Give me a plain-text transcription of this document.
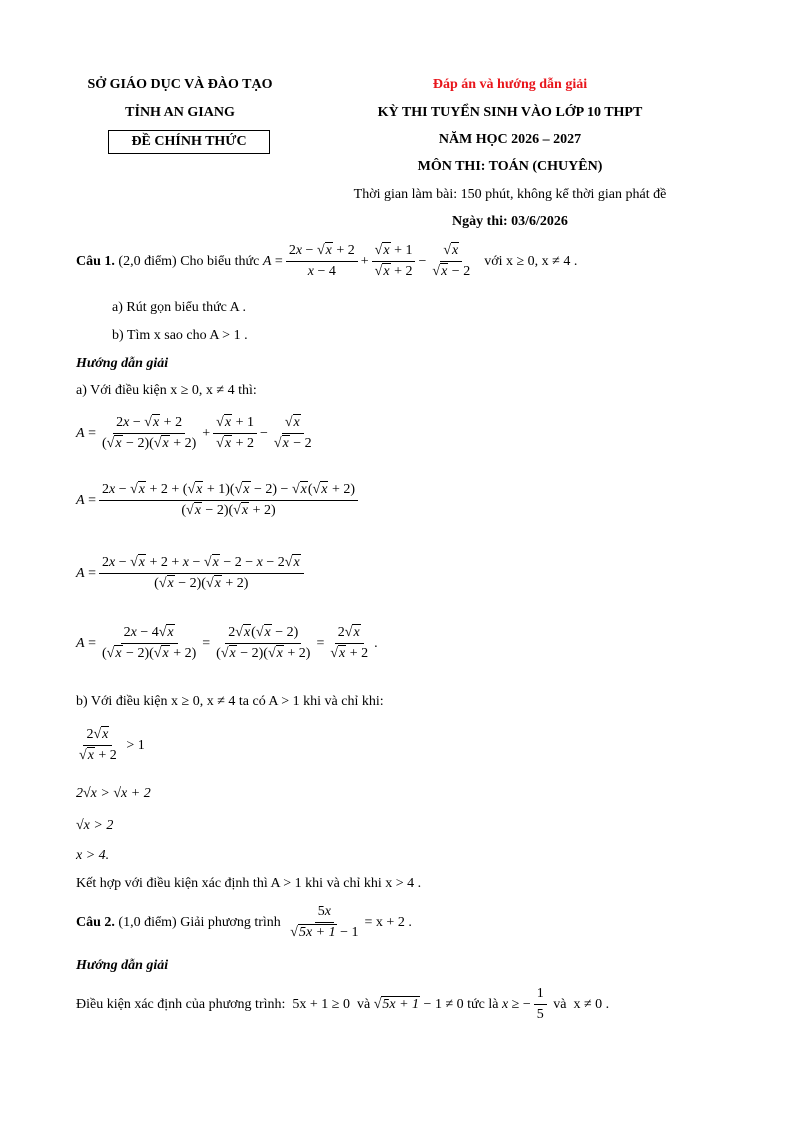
SỞ GIÁO DỤC VÀ ĐÀO TẠO
TỈNH AN GIANG
ĐỀ CHÍNH THỨC
Đáp án và hướng dẫn giải
KỲ THI TUYỂN SINH VÀO LỚP 10 THPT
NĂM HỌC 2026 – 2027
MÔN THI: TOÁN (CHUYÊN)
Thời gian làm bài: 150 phút, không kể thời gian phát đề
Ngày thi: 03/6/2026
Câu 1. (2,0 điểm) Cho biểu thức $A = \frac{2x - √x + 2}{x - 4} + \frac{√x + 1}{√x + 2} - \frac{√x}{√x - 2}$ với x ≥ 0, x ≠ 4 .
a) Rút gọn biểu thức A .
b) Tìm x sao cho A > 1 .
Hướng dẫn giải
a) Với điều kiện x ≥ 0, x ≠ 4 thì:
$A = \frac{2x - √x + 2}{(√x - 2)(√x + 2)} + \frac{√x + 1}{√x + 2} - \frac{√x}{√x - 2}$
$A = \frac{2x - √x + 2 + (√x + 1)(√x - 2) - √x(√x + 2)}{(√x - 2)(√x + 2)}$
$A = \frac{2x - √x + 2 + x - √x - 2 - x - 2√x}{(√x - 2)(√x + 2)}$
$A = \frac{2x - 4√x}{(√x - 2)(√x + 2)} = \frac{2√x(√x - 2)}{(√x - 2)(√x + 2)} = \frac{2√x}{√x + 2}$ .
b) Với điều kiện x ≥ 0, x ≠ 4 ta có A > 1 khi và chỉ khi:
$\frac{2√x}{√x + 2} > 1$
2√x > √x + 2
√x > 2
x > 4.
Kết hợp với điều kiện xác định thì A > 1 khi và chỉ khi x > 4 .
Câu 2. (1,0 điểm) Giải phương trình $\frac{5x}{√5x + 1 - 1} = x + 2$ .
Hướng dẫn giải
Điều kiện xác định của phương trình:  5x + 1 ≥ 0  và √5x + 1 − 1 ≠ 0 tức là x ≥ − $\frac{1}{5}$ và  x ≠ 0 .
